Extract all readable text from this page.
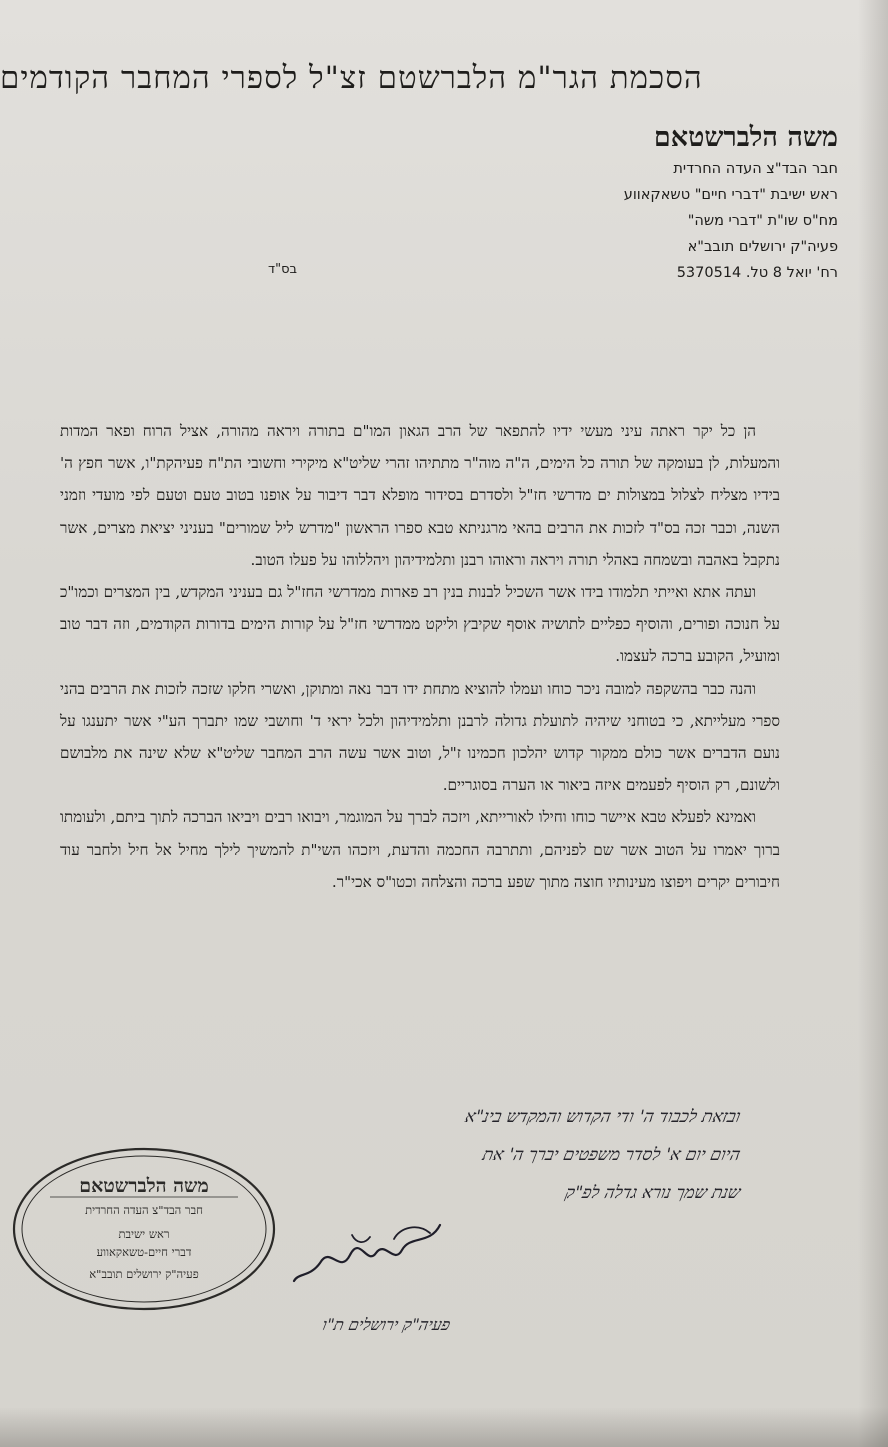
הסכמת הגר"מ הלברשטם זצ"ל לספרי המחבר הקודמים
משה הלברשטאם
חבר הבד"צ העדה החרדית
ראש ישיבת "דברי חיים" טשאקאווע
מח"ס שו"ת "דברי משה"
פעיה"ק ירושלים תובב"א
רח' יואל 8 טל. 5370514
בס"ד

הן כל יקר ראתה עיני מעשי ידיו להתפאר של הרב הגאון המו"ם בתורה ויראה מהורה, אציל הרוח ופאר המדות והמעלות, לן בעומקה של תורה כל הימים, ה"ה מוה"ר מתתיהו זהרי שליט"א מיקירי וחשובי הת"ח פעיהקת"ו, אשר חפץ ה' בידיו מצליח לצלול במצולות ים מדרשי חז"ל ולסדרם בסידור מופלא דבר דיבור על אופנו בטוב טעם וטעם לפי מועדי וזמני השנה, וכבר זכה בס"ד לזכות את הרבים בהאי מרגניתא טבא ספרו הראשון "מדרש ליל שמורים" בעניני יציאת מצרים, אשר נתקבל באהבה ובשמחה באהלי תורה ויראה וראוהו רבנן ותלמידיהון ויהללוהו על פעלו הטוב.

ועתה אתא ואייתי תלמודו בידו אשר השכיל לבנות בנין רב פארות ממדרשי החז"ל גם בעניני המקדש, בין המצרים וכמו"כ על חנוכה ופורים, והוסיף כפליים לתושיה אוסף שקיבץ וליקט ממדרשי חז"ל על קורות הימים בדורות הקודמים, וזה דבר טוב ומועיל, הקובע ברכה לעצמו.

והנה כבר בהשקפה למובה ניכר כוחו ועמלו להוציא מתחת ידו דבר נאה ומתוקן, ואשרי חלקו שזכה לזכות את הרבים בהני ספרי מעלייתא, כי בטוחני שיהיה לתועלת גדולה לרבנן ותלמידיהון ולכל יראי ד' וחושבי שמו יתברך הע"י אשר יתענגו על נועם הדברים אשר כולם ממקור קדוש יהלכון חכמינו ז"ל, וטוב אשר עשה הרב המחבר שליט"א שלא שינה את מלבושם ולשונם, רק הוסיף לפעמים איזה ביאור או הערה בסוגריים.

ואמינא לפעלא טבא איישר כוחו וחילו לאורייתא, ויזכה לברך על המוגמר, ויבואו רבים ויביאו הברכה לתוך ביתם, ולעומתו ברוך יאמרו על הטוב אשר שם לפניהם, ותתרבה החכמה והדעת, ויזכהו השי"ת להמשיך לילך מחיל אל חיל ולחבר עוד חיבורים יקרים ויפוצו מעינותיו חוצה מתוך שפע ברכה והצלחה וכטו"ס אכי"ר.

ובזאת לכבוד ה' ודי הקדוש והמקדש בינ"א
היום יום א' לסדר משפטים יברך ה' את
שנת שמך נורא גדלה לפ"ק
משה הלברשטאם
חבר הבד"צ העדה החרדית
ראש ישיבת
דברי חיים-טשאקאווע
פעיה"ק ירושלים תובב"א
פעיה"ק ירושלים ת"ו
